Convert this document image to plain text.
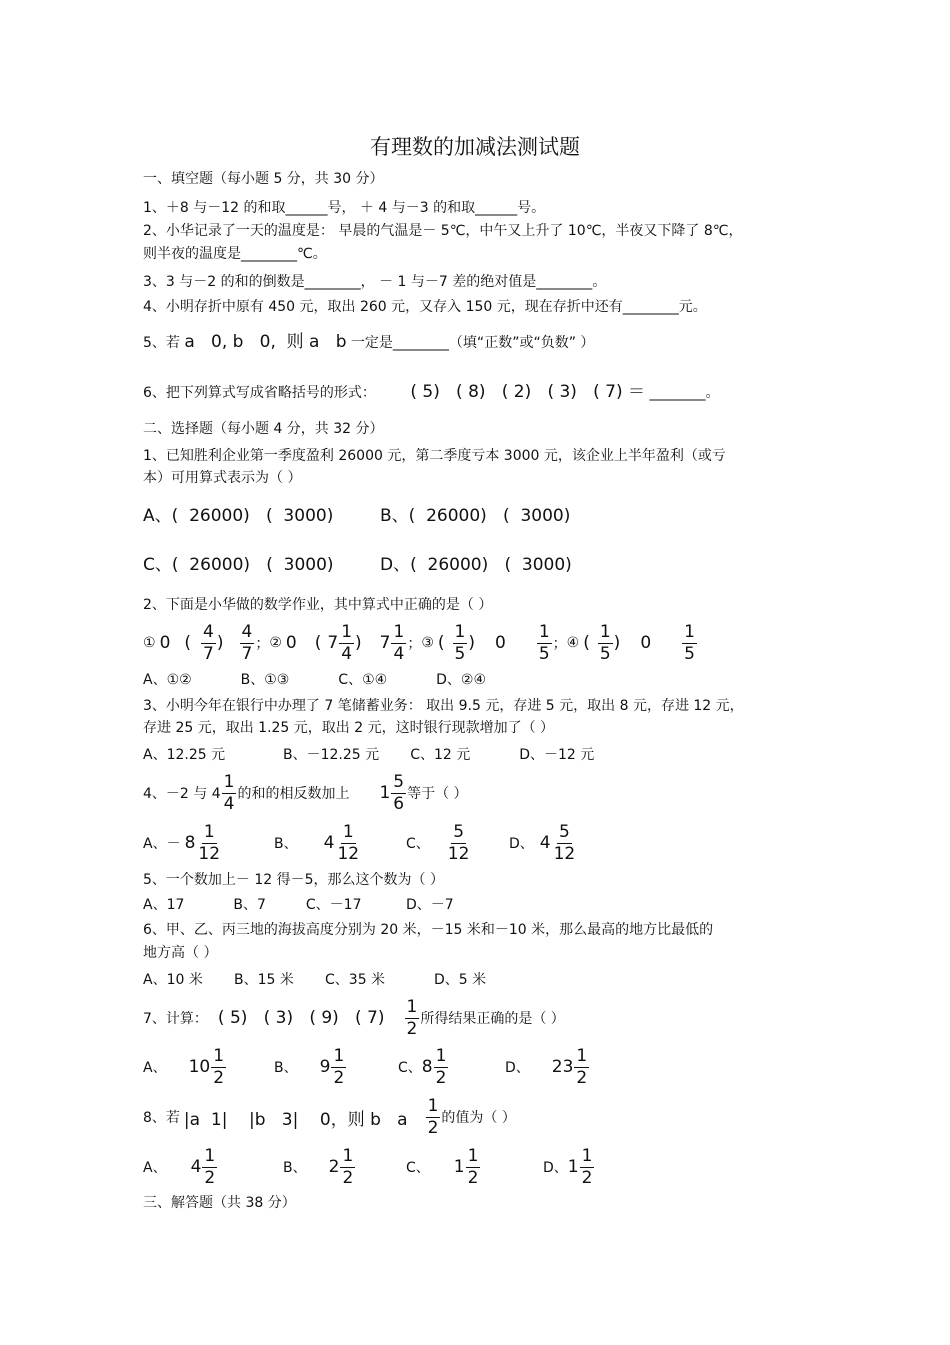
有理数的加减法测试题
一、填空题（每小题 5 分，共 30 分）
1、＋8 与－12 的和取______号， ＋ 4 与－3 的和取______号。
2、小华记录了一天的温度是： 早晨的气温是－ 5℃，中午又上升了 10℃，半夜又下降了 8℃，
则半夜的温度是________℃。
3、3 与－2 的和的倒数是________， － 1 与－7 差的绝对值是________。
4、小明存折中原有 450 元，取出 260 元，又存入 150 元，现在存折中还有________元。
5、若 a   0, b   0,  则 a   b 一定是________（填“正数”或“负数” ）
6、把下列算式写成省略括号的形式： ( 5)   ( 8)   ( 2)   ( 3)   ( 7) ＝ ________。
二、选择题（每小题 4 分，共 32 分）
1、已知胜利企业第一季度盈利 26000 元，第二季度亏本 3000 元，该企业上半年盈利（或亏
本）可用算式表示为（ ）
A、(  26000)   (  3000)	B、(  26000)   (  3000)
C、(  26000)   (  3000)	D、(  26000)   (  3000)
2、下面是小华做的数学作业，其中算式中正确的是（ ）
① 0 ( $\frac{4}{7}$ ) $\frac{4}{7}$ ； ② 0 ( $7 \frac{1}{4}$ ) $7 \frac{1}{4}$ ； ③ ( $\frac{1}{5}$ ) $0 \frac{1}{5}$ ； ④ ( $\frac{1}{5}$ ) $0 \frac{1}{5}$
A、①②           B、①③           C、①④           D、②④
3、小明今年在银行中办理了 7 笔储蓄业务： 取出 9.5 元，存进 5 元，取出 8 元，存进 12 元，
存进 25 元，取出 1.25 元，取出 2 元，这时银行现款增加了（ ）
A、12.25 元             B、－12.25 元       C、12 元           D、－12 元
4、－2 与 $4 \frac{1}{4}$ 的和的相反数加上 $1 \frac{5}{6}$ 等于（ ）
A、 － $8 \frac{1}{12}$	B、 $4 \frac{1}{12}$	C、 $\frac{5}{12}$	D、 $4 \frac{5}{12}$
5、一个数加上－ 12 得－5，那么这个数为（ ）
A、17           B、7         C、－17          D、－7
6、甲、乙、丙三地的海拔高度分别为 20 米，－15 米和－10 米，那么最高的地方比最低的
地方高（ ）
A、10 米       B、15 米       C、35 米           D、5 米
7、计算： ( 5)   ( 3)   ( 9)   ( $7) \frac{1}{2}$ 所得结果正确的是（ ）
A、 $10 \frac{1}{2}$	B、 $9 \frac{1}{2}$	C、 $8 \frac{1}{2}$	D、 $23 \frac{1}{2}$
8、若 |a  1|    |b   3|    0，则 b   a $\frac{1}{2}$ 的值为（ ）
A、 $4 \frac{1}{2}$	B、 $2 \frac{1}{2}$	C、 $1 \frac{1}{2}$	D、 $1 \frac{1}{2}$
三、解答题（共 38 分）
